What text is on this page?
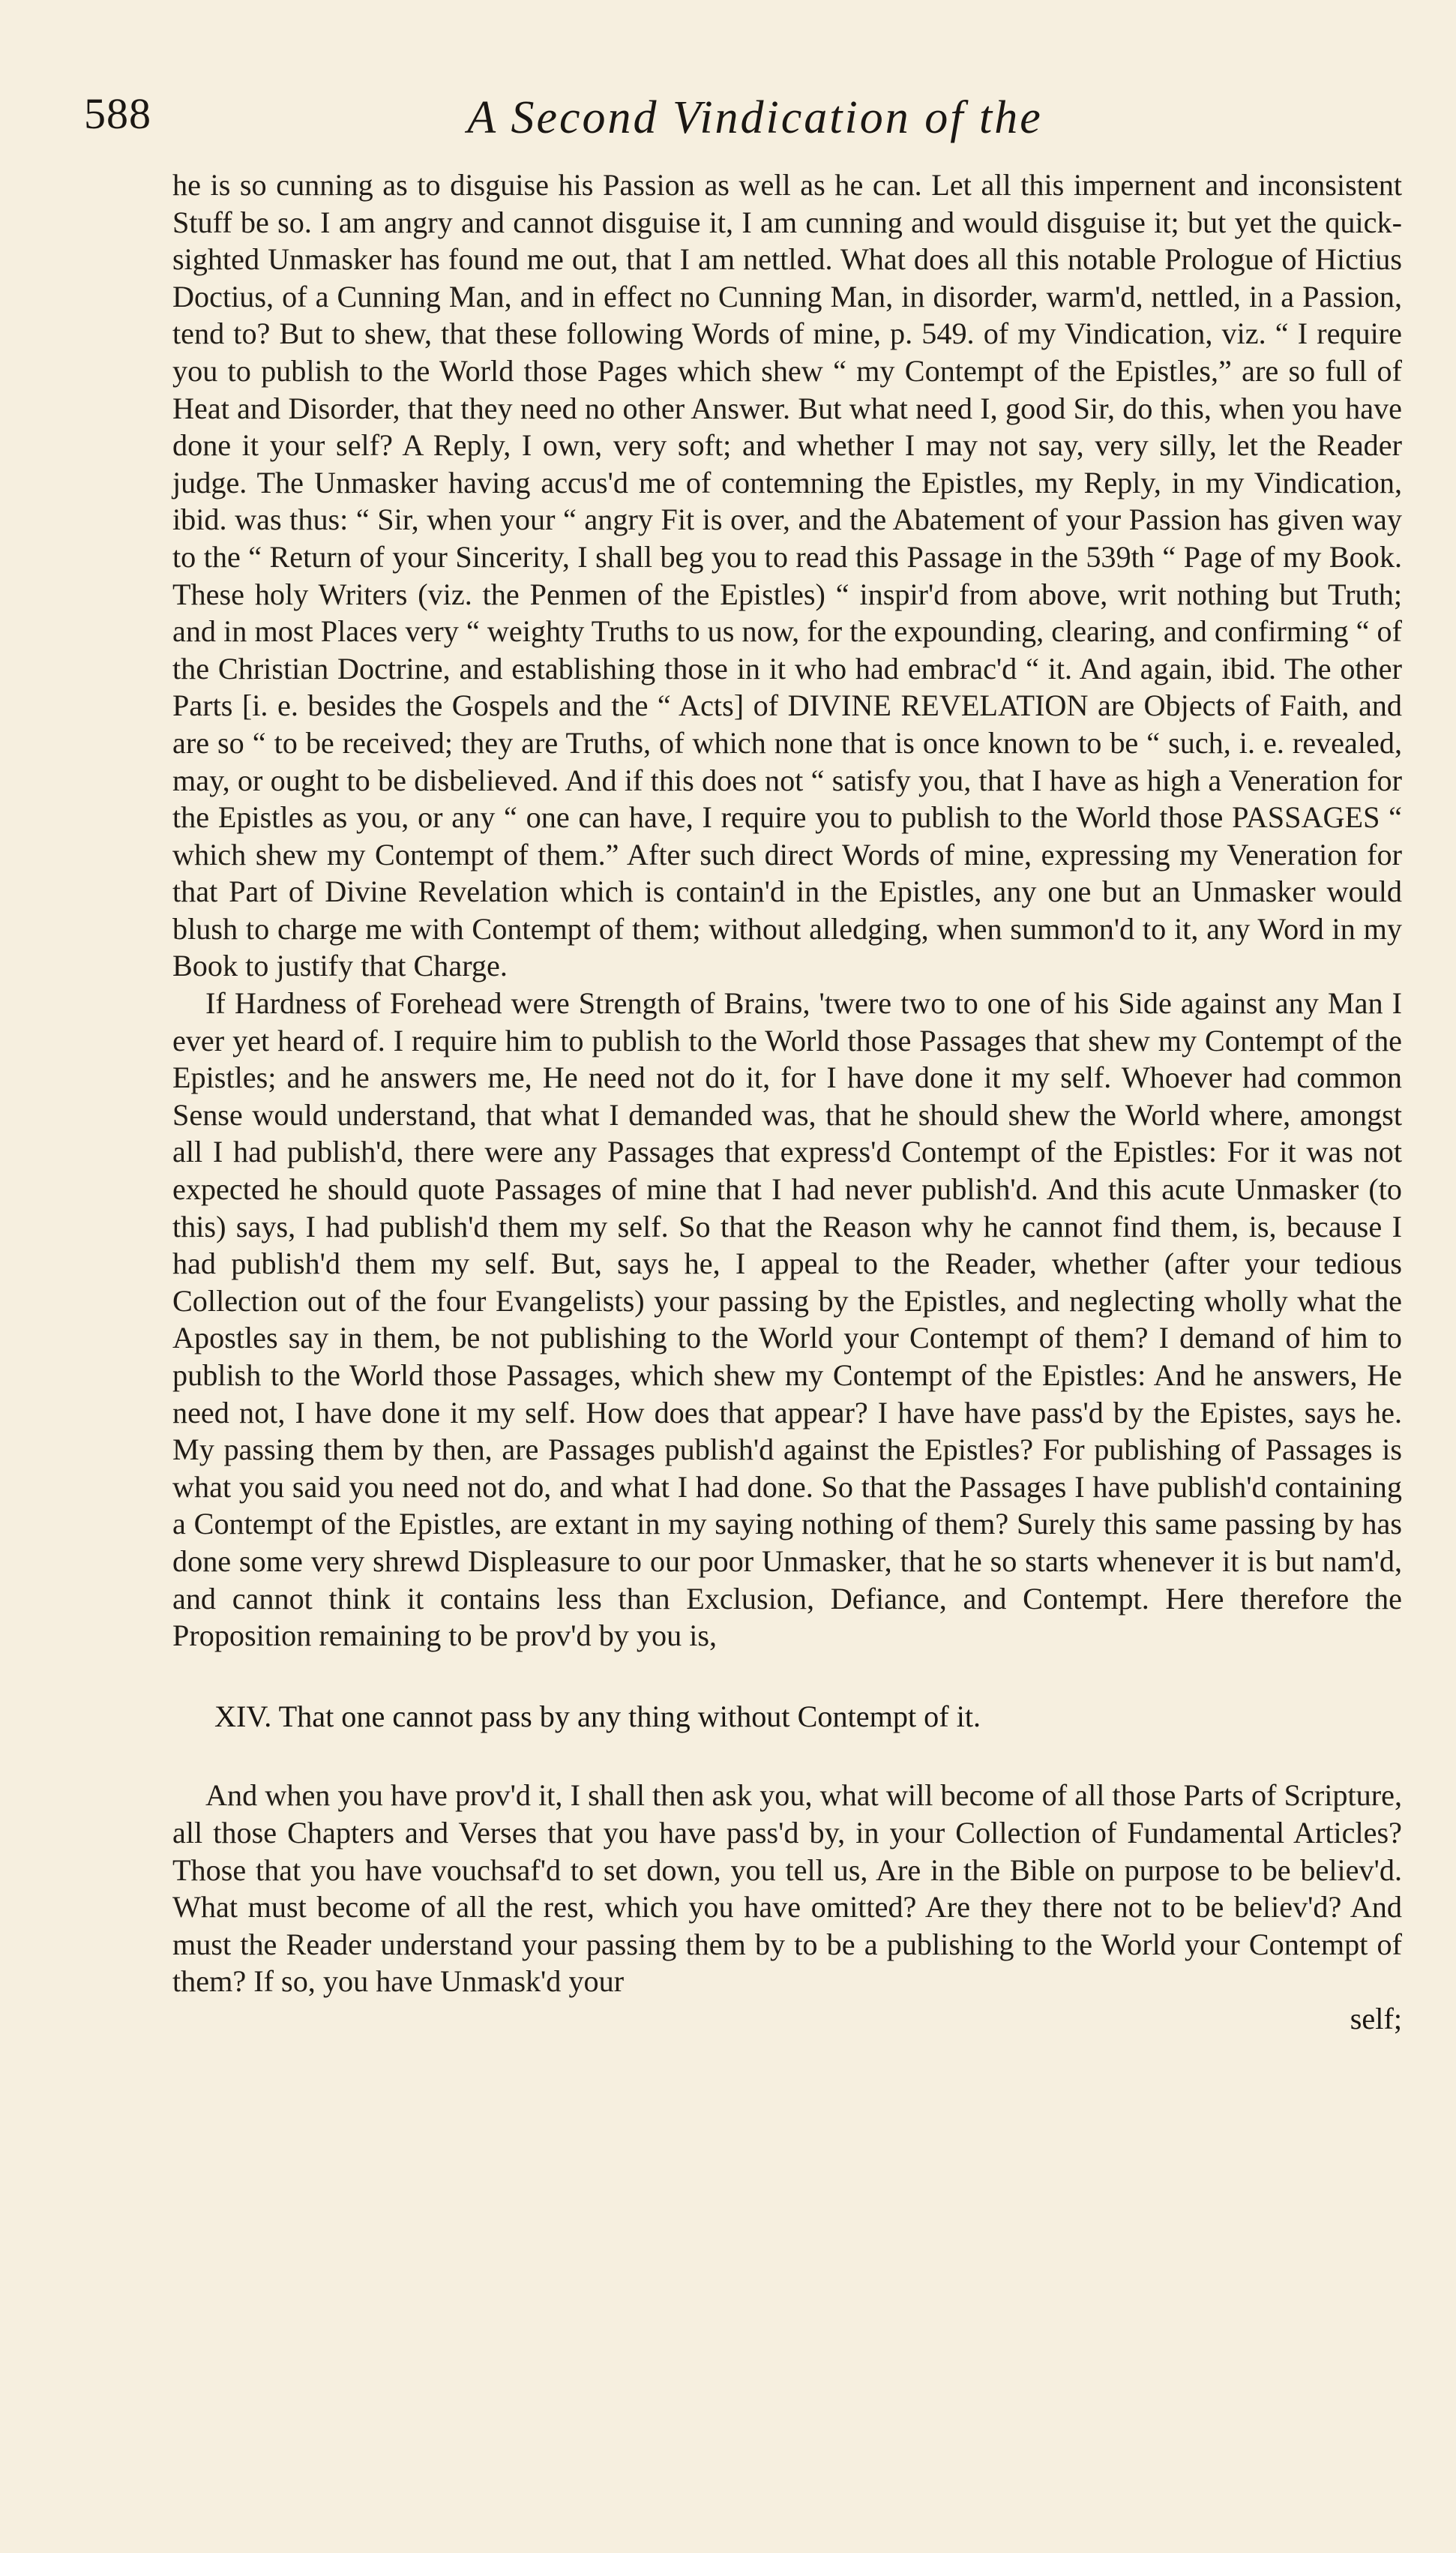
588	A Second Vindication of the

he is so cunning as to disguise his Passion as well as he can. Let all this impernent and inconsistent Stuff be so. I am angry and cannot disguise it, I am cunning and would disguise it; but yet the quick-sighted Unmasker has found me out, that I am nettled. What does all this notable Prologue of Hictius Doctius, of a Cunning Man, and in effect no Cunning Man, in disorder, warm'd, nettled, in a Passion, tend to? But to shew, that these following Words of mine, p. 549. of my Vindication, viz. “ I require you to publish to the World those Pages which shew “ my Contempt of the Epistles,” are so full of Heat and Disorder, that they need no other Answer. But what need I, good Sir, do this, when you have done it your self? A Reply, I own, very soft; and whether I may not say, very silly, let the Reader judge. The Unmasker having accus'd me of contemning the Epistles, my Reply, in my Vindication, ibid. was thus: “ Sir, when your “ angry Fit is over, and the Abatement of your Passion has given way to the “ Return of your Sincerity, I shall beg you to read this Passage in the 539th “ Page of my Book. These holy Writers (viz. the Penmen of the Epistles) “ inspir'd from above, writ nothing but Truth; and in most Places very “ weighty Truths to us now, for the expounding, clearing, and confirming “ of the Christian Doctrine, and establishing those in it who had embrac'd “ it. And again, ibid. The other Parts [i. e. besides the Gospels and the “ Acts] of DIVINE REVELATION are Objects of Faith, and are so “ to be received; they are Truths, of which none that is once known to be “ such, i. e. revealed, may, or ought to be disbelieved. And if this does not “ satisfy you, that I have as high a Veneration for the Epistles as you, or any “ one can have, I require you to publish to the World those PASSAGES “ which shew my Contempt of them.” After such direct Words of mine, expressing my Veneration for that Part of Divine Revelation which is contain'd in the Epistles, any one but an Unmasker would blush to charge me with Contempt of them; without alledging, when summon'd to it, any Word in my Book to justify that Charge.

If Hardness of Forehead were Strength of Brains, 'twere two to one of his Side against any Man I ever yet heard of. I require him to publish to the World those Passages that shew my Contempt of the Epistles; and he answers me, He need not do it, for I have done it my self. Whoever had common Sense would understand, that what I demanded was, that he should shew the World where, amongst all I had publish'd, there were any Passages that express'd Contempt of the Epistles: For it was not expected he should quote Passages of mine that I had never publish'd. And this acute Unmasker (to this) says, I had publish'd them my self. So that the Reason why he cannot find them, is, because I had publish'd them my self. But, says he, I appeal to the Reader, whether (after your tedious Collection out of the four Evangelists) your passing by the Epistles, and neglecting wholly what the Apostles say in them, be not publishing to the World your Contempt of them? I demand of him to publish to the World those Passages, which shew my Contempt of the Epistles: And he answers, He need not, I have done it my self. How does that appear? I have have pass'd by the Epistes, says he. My passing them by then, are Passages publish'd against the Epistles? For publishing of Passages is what you said you need not do, and what I had done. So that the Passages I have publish'd containing a Contempt of the Epistles, are extant in my saying nothing of them? Surely this same passing by has done some very shrewd Displeasure to our poor Unmasker, that he so starts whenever it is but nam'd, and cannot think it contains less than Exclusion, Defiance, and Contempt. Here therefore the Proposition remaining to be prov'd by you is,

XIV. That one cannot pass by any thing without Contempt of it.

And when you have prov'd it, I shall then ask you, what will become of all those Parts of Scripture, all those Chapters and Verses that you have pass'd by, in your Collection of Fundamental Articles? Those that you have vouchsaf'd to set down, you tell us, Are in the Bible on purpose to be believ'd. What must become of all the rest, which you have omitted? Are they there not to be believ'd? And must the Reader understand your passing them by to be a publishing to the World your Contempt of them? If so, you have Unmask'd your

self;
